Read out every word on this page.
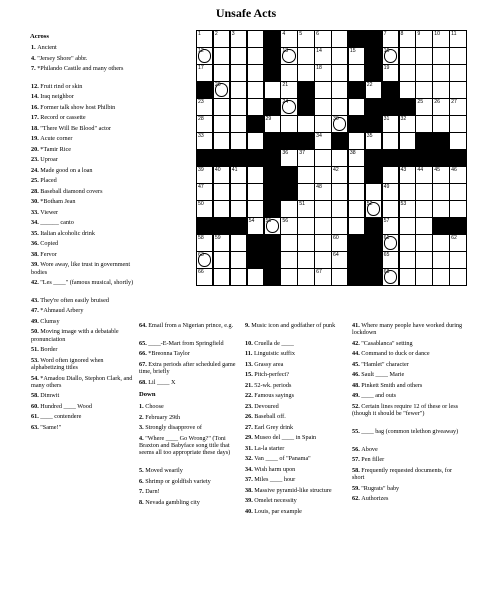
Unsafe Acts
1	2	3	4	5	6	7	8	9	10 11
12	13	14	15	16
17	18	19
20	21	22
23	24	25 26 27
28	29	30	31 32
33	34	35
36 37	38
39 40 41	42	43 44 45 46
47	48	49
50	51	52	53
54 55 56	57
58 59	60	61	62
63	64	65
66	67	68
Across
1. Ancient
4. "Jersey Shore" abbr.
7. *Philando Castile and many others
12. Fruit rind or skin
14. Iraq neighbor
16. Former talk show host Philbin
17. Record or cassette
18. "There Will Be Blood" actor
19. Acute corner
20. *Tamir Rice
23. Uproar
24. Made good on a loan
25. Placed
28. Baseball diamond covers
30. *Botham Jean
33. Viewer
34. ______ canto
35. Italian alcoholic drink
36. Copied
38. Fervor
39. Wore away, like trust in government bodies
42. "Les ____" (famous musical, shortly)
43. They're often easily bruised
47. *Ahmaud Arbery
49. Clumsy
50. Moving image with a debatable pronunciation
51. Border
53. Word often ignored when alphabetizing titles
54. *Amadou Diallo, Stephon Clark, and many others
58. Dimwit
60. Hundred ____ Wood
61. ____ contendere
63. "Same!"
64. Email from a Nigerian prince, e.g.
65. ____-E-Mart from Springfield
66. *Breonna Taylor
67. Extra periods after scheduled game time, briefly
68. Lil ____ X
Down
1. Choose
2. February 29th
3. Strongly disapprove of
4. "Where ____ Go Wrong?" (Toni Braxton and Babyface song title that seems all too appropriate these days)
5. Moved wearily
6. Shrimp or goldfish variety
7. Darn!
8. Nevada gambling city
9. Music icon and godfather of punk
10. Cruella de ____
11. Linguistic suffix
13. Grassy area
15. Pitch-perfect?
21. 52-wk. periods
22. Famous sayings
23. Devoured
26. Baseball off.
27. Earl Grey drink
29. Museo del ____ in Spain
31. La-la starter
32. Van ____ of "Panama"
34. Wish harm upon
37. Miles ____ hour
38. Massive pyramid-like structure
39. Omelet necessity
40. Louis, par example
41. Where many people have worked during lockdown
42. "Casablanca" setting
44. Command to duck or dance
45. "Hamlet" character
46. Sault ____ Marie
48. Pinkett Smith and others
49. ____ and outs
52. Certain lines require 12 of these or less (though it should be "fewer")
55. ____ bag (common telethon giveaway)
56. Above
57. Pen filler
58. Frequently requested documents, for short
59. "Rugrats" baby
62. Authorizes
